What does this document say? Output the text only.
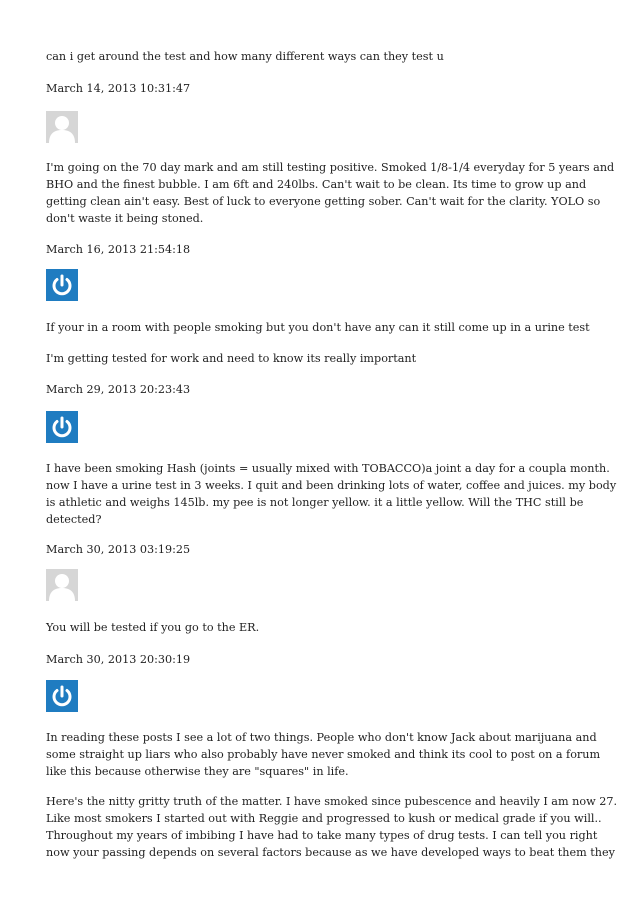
can i get around the test and how many different ways can they test u
March 14, 2013 10:31:47
I'm going on the 70 day mark and am still testing positive. Smoked 1/8-1/4 everyday for 5 years and
BHO and the finest bubble. I am 6ft and 240lbs. Can't wait to be clean. Its time to grow up and
getting clean ain't easy. Best of luck to everyone getting sober. Can't wait for the clarity. YOLO so
don't waste it being stoned.
March 16, 2013 21:54:18
If your in a room with people smoking but you don't have any can it still come up in a urine test
I'm getting tested for work and need to know its really important
March 29, 2013 20:23:43
I have been smoking Hash (joints = usually mixed with TOBACCO)a joint a day for a coupla month.
now I have a urine test in 3 weeks. I quit and been drinking lots of water, coffee and juices. my body
is athletic and weighs 145lb. my pee is not longer yellow. it a little yellow. Will the THC still be
detected?
March 30, 2013 03:19:25
You will be tested if you go to the ER.
March 30, 2013 20:30:19
In reading these posts I see a lot of two things. People who don't know Jack about marijuana and
some straight up liars who also probably have never smoked and think its cool to post on a forum
like this because otherwise they are "squares" in life.
Here's the nitty gritty truth of the matter. I have smoked since pubescence and heavily I am now 27.
Like most smokers I started out with Reggie and progressed to kush or medical grade if you will..
Throughout my years of imbibing I have had to take many types of drug tests. I can tell you right
now your passing depends on several factors because as we have developed ways to beat them they
